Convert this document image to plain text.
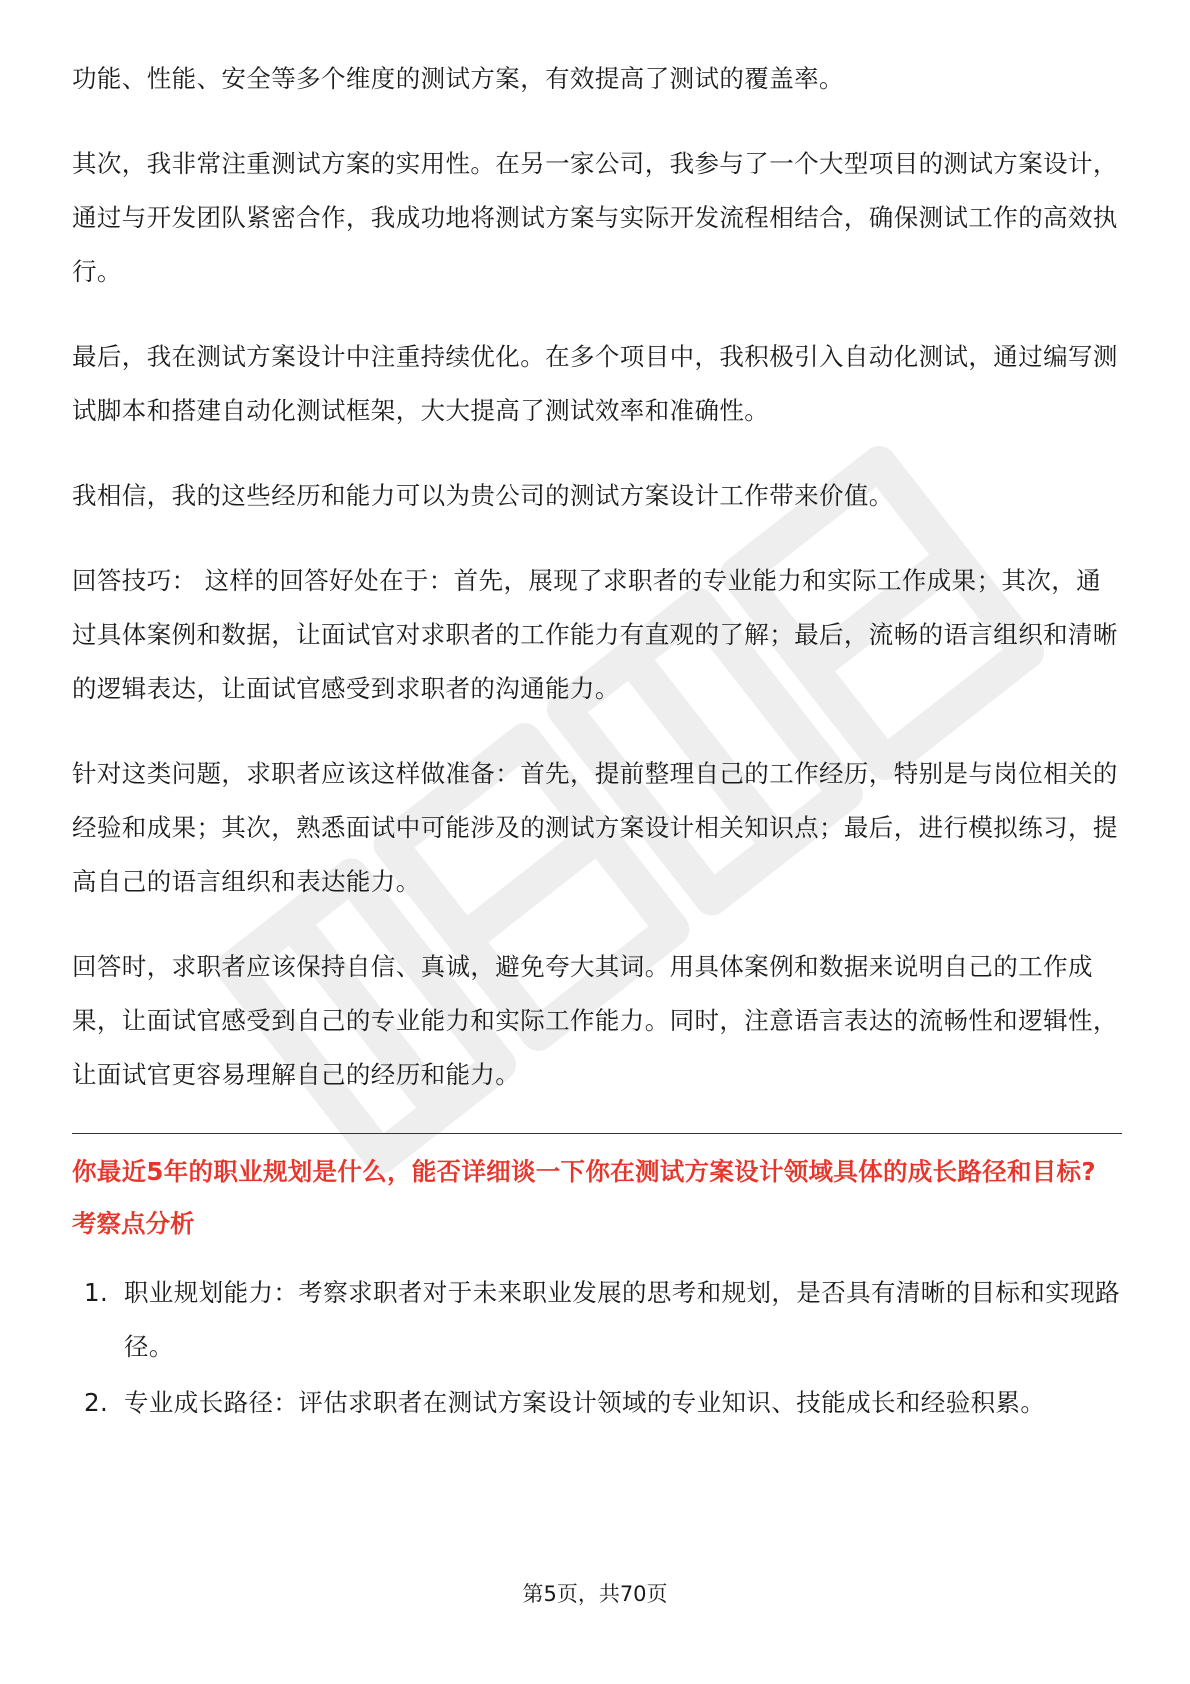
功能、性能、安全等多个维度的测试方案，有效提高了测试的覆盖率。

其次，我非常注重测试方案的实用性。在另一家公司，我参与了一个大型项目的测试方案设计，通过与开发团队紧密合作，我成功地将测试方案与实际开发流程相结合，确保测试工作的高效执行。

最后，我在测试方案设计中注重持续优化。在多个项目中，我积极引入自动化测试，通过编写测试脚本和搭建自动化测试框架，大大提高了测试效率和准确性。

我相信，我的这些经历和能力可以为贵公司的测试方案设计工作带来价值。

回答技巧： 这样的回答好处在于：首先，展现了求职者的专业能力和实际工作成果；其次，通过具体案例和数据，让面试官对求职者的工作能力有直观的了解；最后，流畅的语言组织和清晰的逻辑表达，让面试官感受到求职者的沟通能力。

针对这类问题，求职者应该这样做准备：首先，提前整理自己的工作经历，特别是与岗位相关的经验和成果；其次，熟悉面试中可能涉及的测试方案设计相关知识点；最后，进行模拟练习，提高自己的语言组织和表达能力。

回答时，求职者应该保持自信、真诚，避免夸大其词。用具体案例和数据来说明自己的工作成果，让面试官感受到自己的专业能力和实际工作能力。同时，注意语言表达的流畅性和逻辑性，让面试官更容易理解自己的经历和能力。

你最近5年的职业规划是什么，能否详细谈一下你在测试方案设计领域具体的成长路径和目标?
考察点分析
1. 职业规划能力：考察求职者对于未来职业发展的思考和规划，是否具有清晰的目标和实现路径。
2. 专业成长路径：评估求职者在测试方案设计领域的专业知识、技能成长和经验积累。
第5页，共70页
